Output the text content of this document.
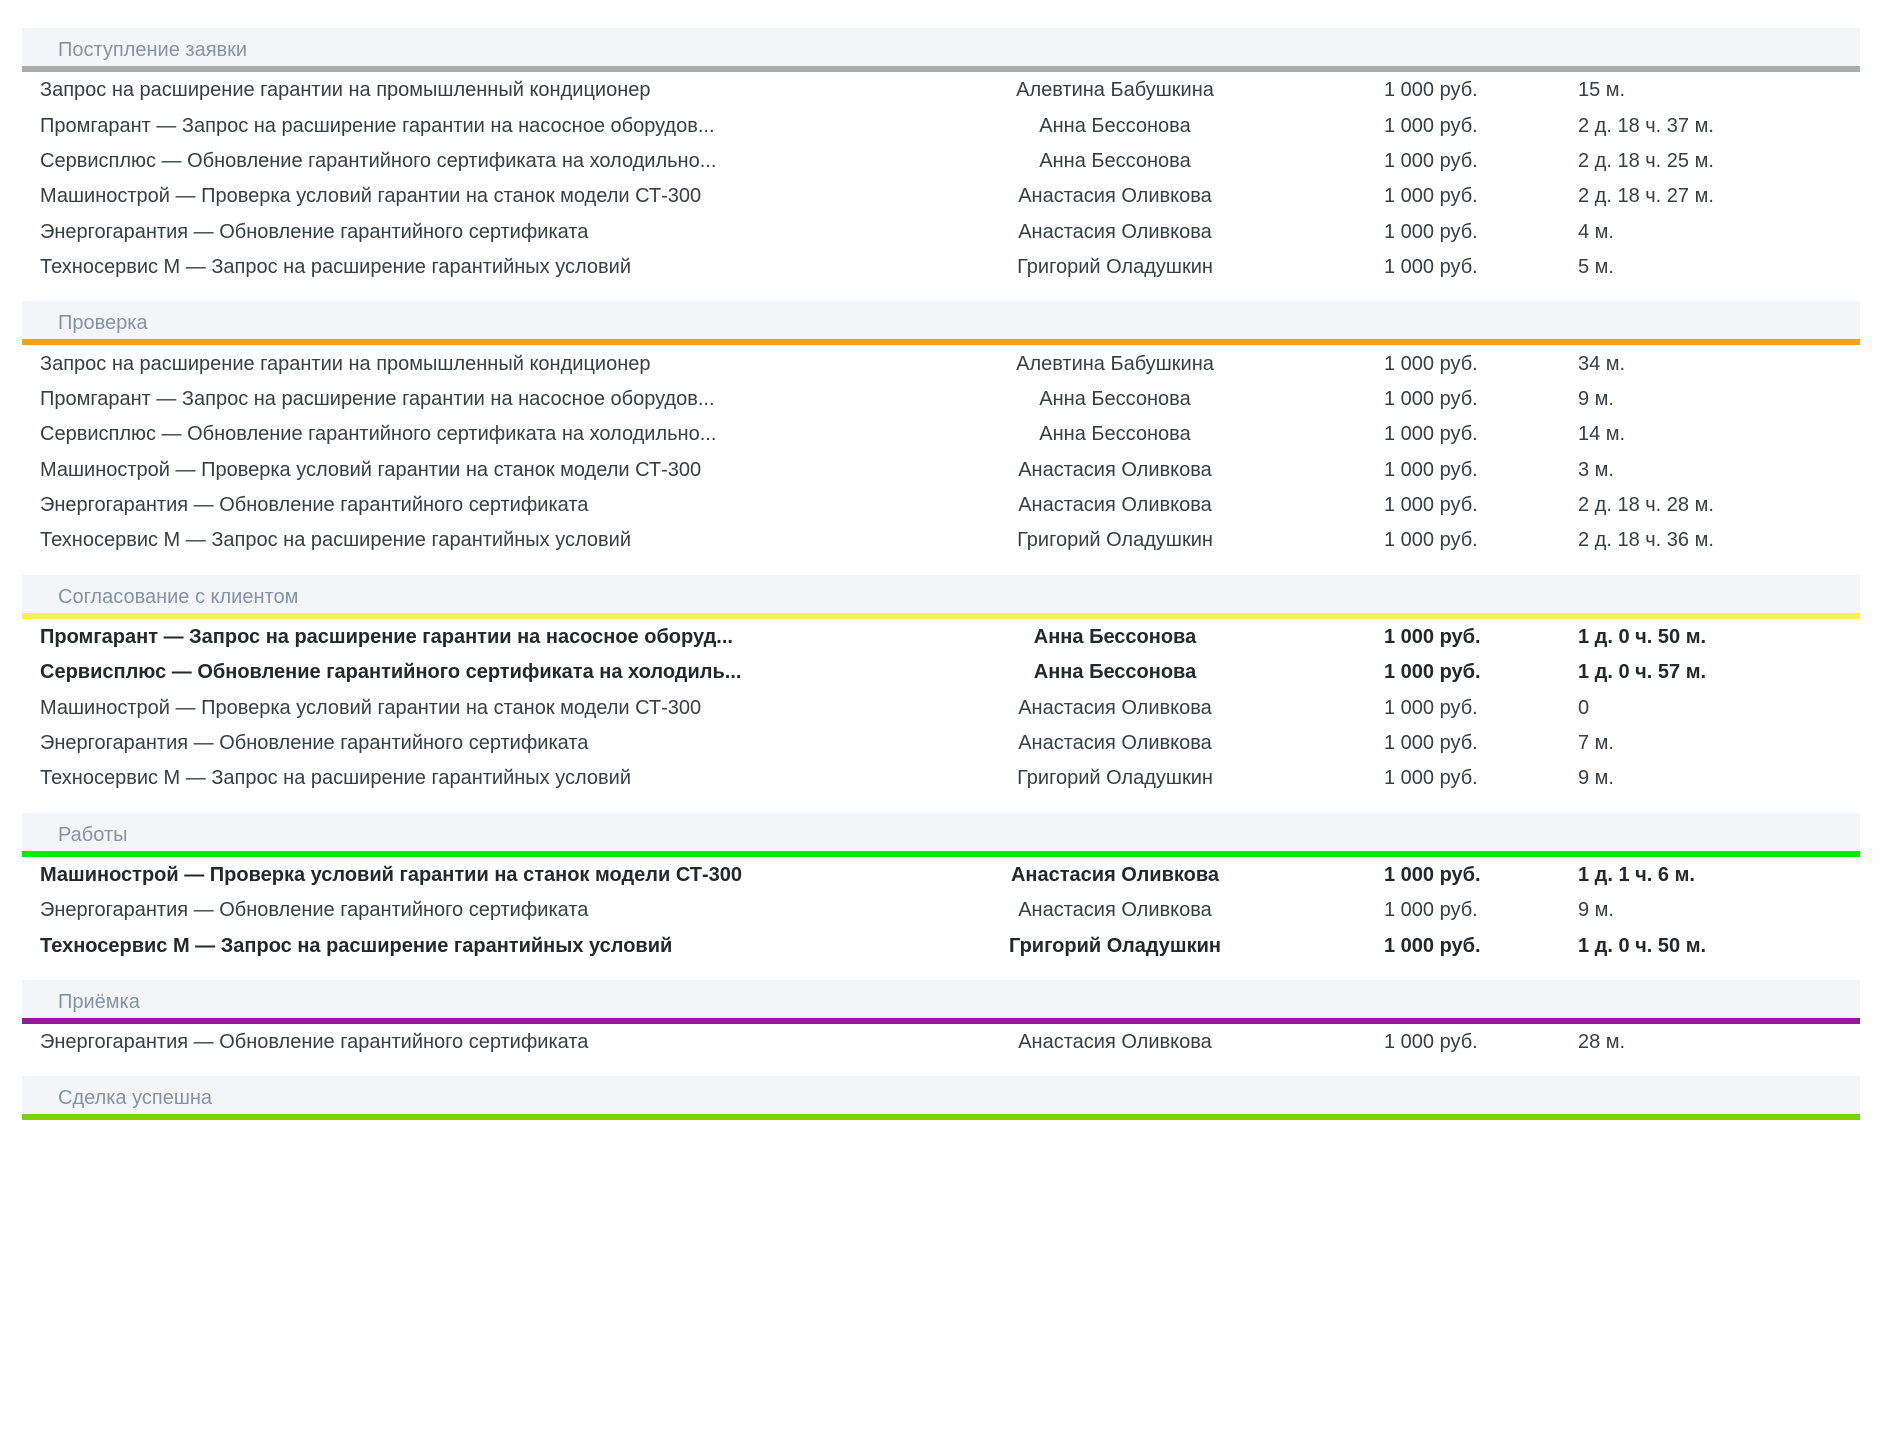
Поступление заявки
Запрос на расширение гарантии на промышленный кондиционер	Алевтина Бабушкина	1 000 руб.	15 м.
Промгарант — Запрос на расширение гарантии на насосное оборудов...	Анна Бессонова	1 000 руб.	2 д. 18 ч. 37 м.
Сервисплюс — Обновление гарантийного сертификата на холодильно...	Анна Бессонова	1 000 руб.	2 д. 18 ч. 25 м.
Машинострой — Проверка условий гарантии на станок модели СТ-300	Анастасия Оливкова	1 000 руб.	2 д. 18 ч. 27 м.
Энергогарантия — Обновление гарантийного сертификата	Анастасия Оливкова	1 000 руб.	4 м.
Техносервис М — Запрос на расширение гарантийных условий	Григорий Оладушкин	1 000 руб.	5 м.
Проверка
Запрос на расширение гарантии на промышленный кондиционер	Алевтина Бабушкина	1 000 руб.	34 м.
Промгарант — Запрос на расширение гарантии на насосное оборудов...	Анна Бессонова	1 000 руб.	9 м.
Сервисплюс — Обновление гарантийного сертификата на холодильно...	Анна Бессонова	1 000 руб.	14 м.
Машинострой — Проверка условий гарантии на станок модели СТ-300	Анастасия Оливкова	1 000 руб.	3 м.
Энергогарантия — Обновление гарантийного сертификата	Анастасия Оливкова	1 000 руб.	2 д. 18 ч. 28 м.
Техносервис М — Запрос на расширение гарантийных условий	Григорий Оладушкин	1 000 руб.	2 д. 18 ч. 36 м.
Согласование с клиентом
Промгарант — Запрос на расширение гарантии на насосное оборуд...	Анна Бессонова	1 000 руб.	1 д. 0 ч. 50 м.
Сервисплюс — Обновление гарантийного сертификата на холодиль...	Анна Бессонова	1 000 руб.	1 д. 0 ч. 57 м.
Машинострой — Проверка условий гарантии на станок модели СТ-300	Анастасия Оливкова	1 000 руб.	0
Энергогарантия — Обновление гарантийного сертификата	Анастасия Оливкова	1 000 руб.	7 м.
Техносервис М — Запрос на расширение гарантийных условий	Григорий Оладушкин	1 000 руб.	9 м.
Работы
Машинострой — Проверка условий гарантии на станок модели СТ-300	Анастасия Оливкова	1 000 руб.	1 д. 1 ч. 6 м.
Энергогарантия — Обновление гарантийного сертификата	Анастасия Оливкова	1 000 руб.	9 м.
Техносервис М — Запрос на расширение гарантийных условий	Григорий Оладушкин	1 000 руб.	1 д. 0 ч. 50 м.
Приёмка
Энергогарантия — Обновление гарантийного сертификата	Анастасия Оливкова	1 000 руб.	28 м.
Сделка успешна
